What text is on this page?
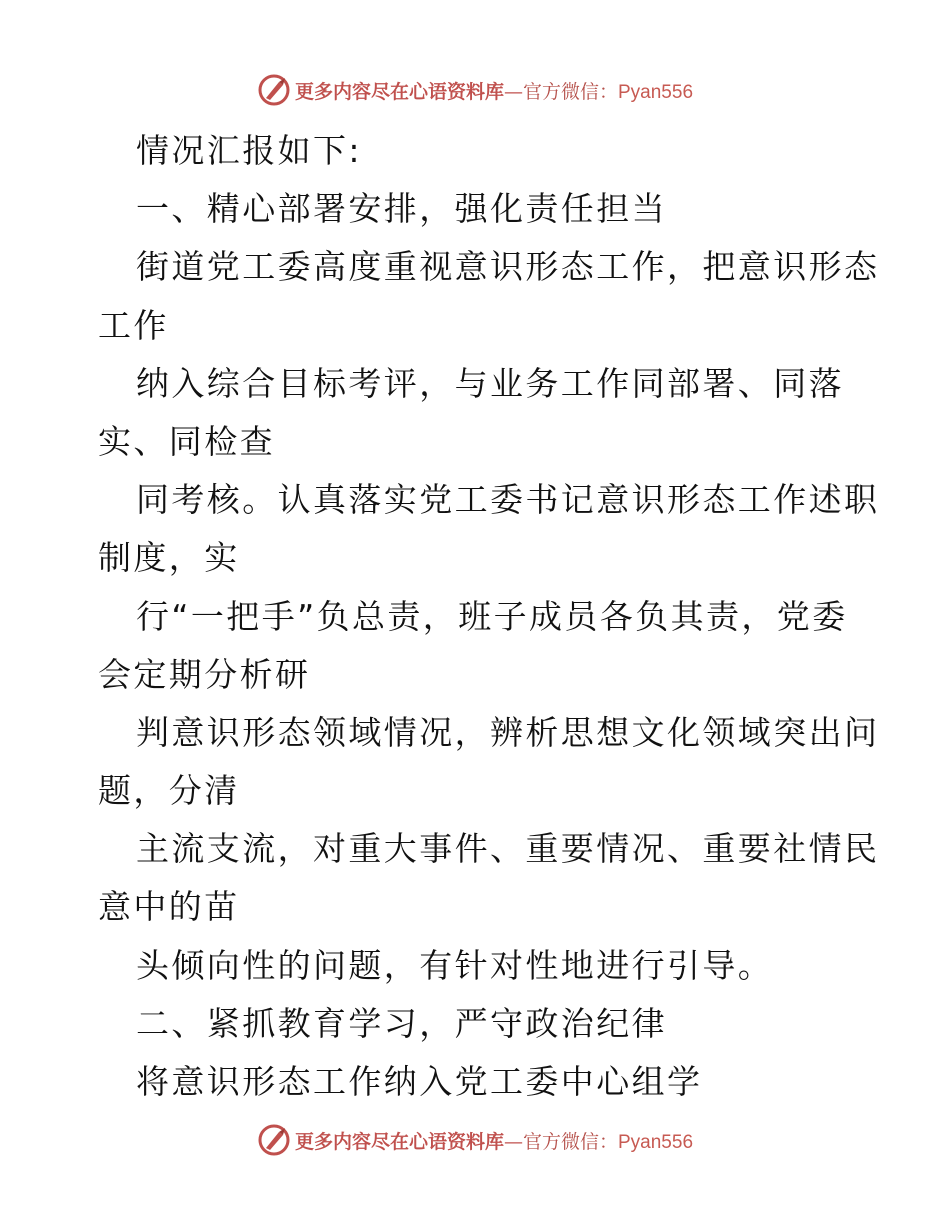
更多内容尽在心语资料库—官方微信：Pyan556
情况汇报如下:
一、精心部署安排，强化责任担当
街道党工委高度重视意识形态工作，把意识形态
工作
纳入综合目标考评，与业务工作同部署、同落
实、同检查
同考核。认真落实党工委书记意识形态工作述职
制度，实
行“一把手”负总责，班子成员各负其责，党委
会定期分析研
判意识形态领域情况，辨析思想文化领域突出问
题，分清
主流支流，对重大事件、重要情况、重要社情民
意中的苗
头倾向性的问题，有针对性地进行引导。
二、紧抓教育学习，严守政治纪律
将意识形态工作纳入党工委中心组学
更多内容尽在心语资料库—官方微信：Pyan556
